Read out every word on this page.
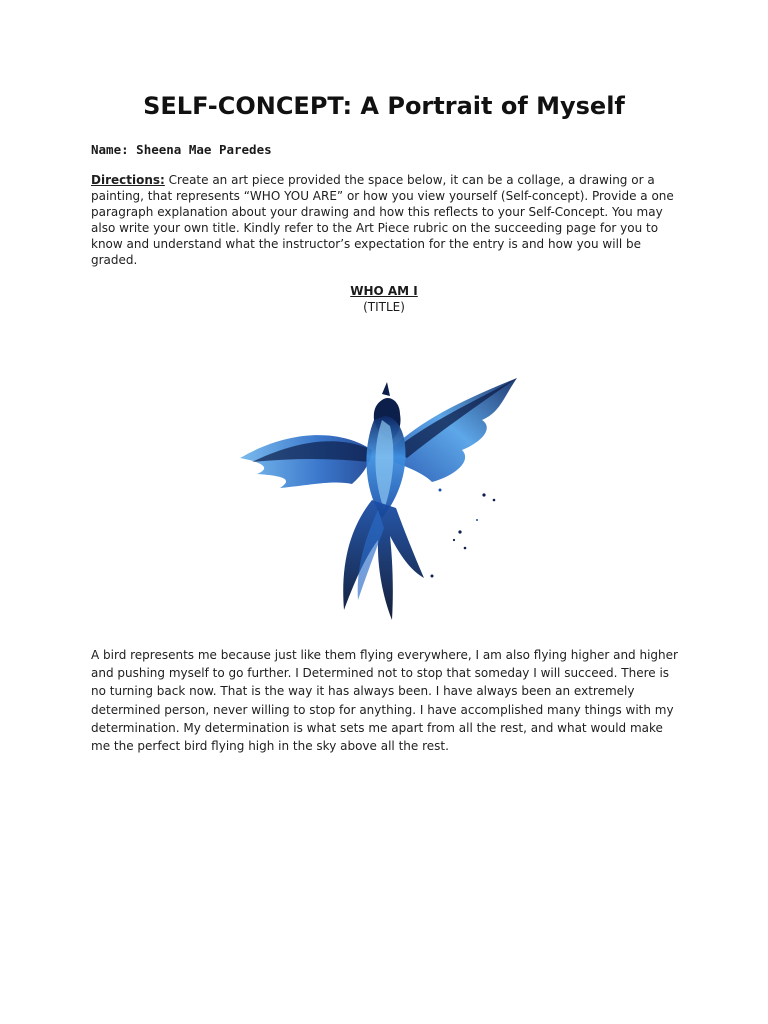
SELF-CONCEPT: A Portrait of Myself
Name: Sheena Mae Paredes
Directions: Create an art piece provided the space below, it can be a collage, a drawing or a painting, that represents “WHO YOU ARE” or how you view yourself (Self-concept). Provide a one paragraph explanation about your drawing and how this reflects to your Self-Concept. You may also write your own title. Kindly refer to the Art Piece rubric on the succeeding page for you to know and understand what the instructor’s expectation for the entry is and how you will be graded.
WHO AM I
(TITLE)
A bird represents me because just like them flying everywhere, I am also flying higher and higher and pushing myself to go further. I Determined not to stop that someday I will succeed. There is no turning back now. That is the way it has always been. I have always been an extremely determined person, never willing to stop for anything. I have accomplished many things with my determination. My determination is what sets me apart from all the rest, and what would make me the perfect bird flying high in the sky above all the rest.
